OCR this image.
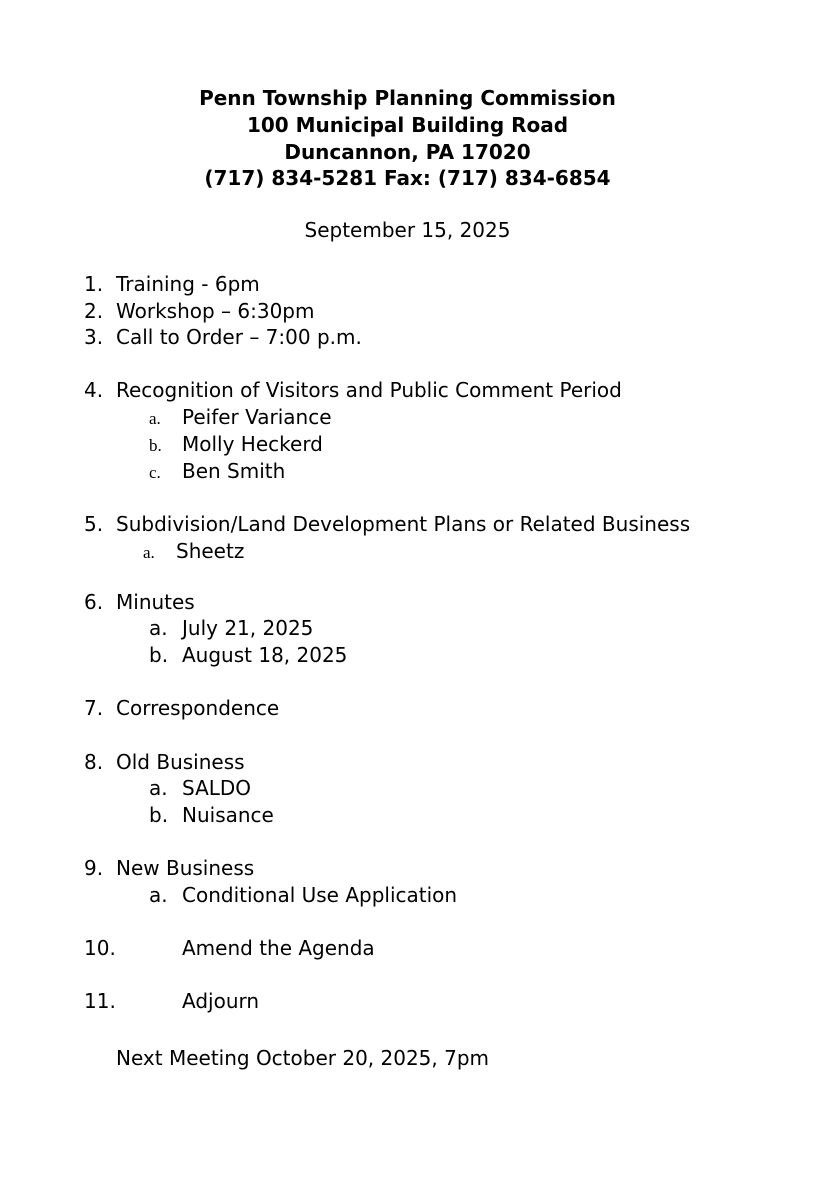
Penn Township Planning Commission
100 Municipal Building Road
Duncannon, PA 17020
(717) 834-5281 Fax: (717) 834-6854
September 15, 2025
1. Training - 6pm
2. Workshop – 6:30pm
3. Call to Order – 7:00 p.m.
4. Recognition of Visitors and Public Comment Period
a. Peifer Variance
b. Molly Heckerd
c. Ben Smith
5. Subdivision/Land Development Plans or Related Business
a. Sheetz
6. Minutes
a. July 21, 2025
b. August 18, 2025
7. Correspondence
8. Old Business
a. SALDO
b. Nuisance
9. New Business
a. Conditional Use Application
10.	Amend the Agenda
11.	Adjourn
Next Meeting October 20, 2025, 7pm
